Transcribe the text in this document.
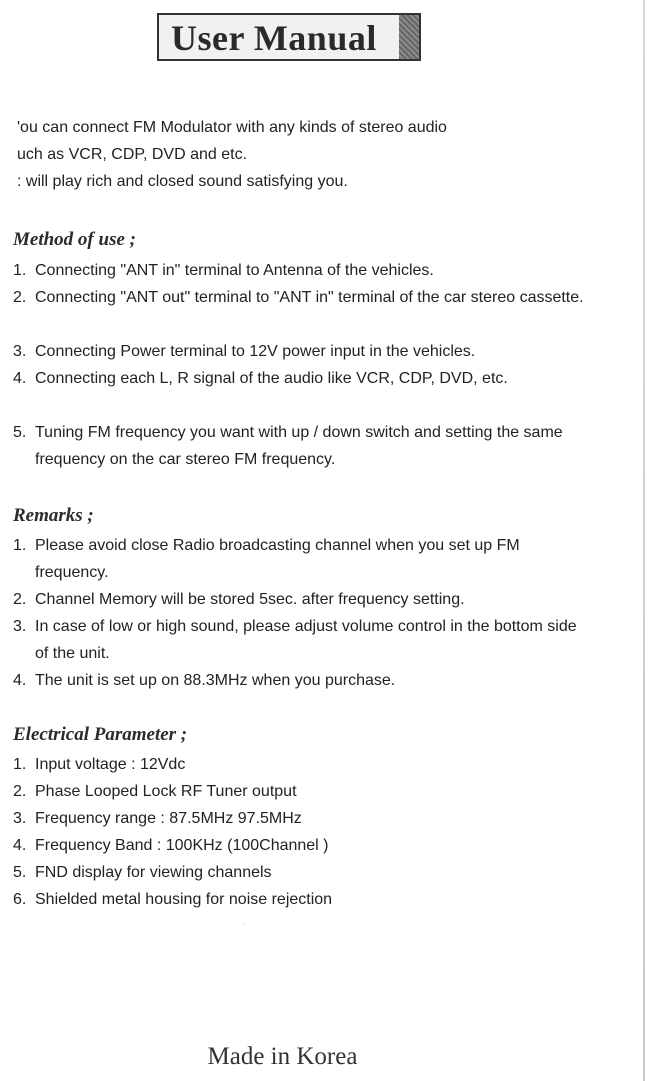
User Manual
'ou can connect FM Modulator with any kinds of stereo audio
uch as VCR, CDP, DVD and etc.
: will play rich and closed sound satisfying you.
Method of use ;
1. Connecting "ANT in" terminal to Antenna of the vehicles.
2. Connecting "ANT out" terminal to "ANT in" terminal of the car stereo cassette.
3. Connecting Power terminal to 12V power input in the vehicles.
4. Connecting each L, R signal of the audio like VCR, CDP, DVD, etc.
5. Tuning FM frequency you want with up / down switch and setting the same frequency on the car stereo FM frequency.
Remarks ;
1. Please avoid close Radio broadcasting channel when you set up FM frequency.
2. Channel Memory will be stored 5sec. after frequency setting.
3. In case of low or high sound, please adjust volume control in the bottom side of the unit.
4. The unit is set up on 88.3MHz when you purchase.
Electrical Parameter ;
1. Input voltage : 12Vdc
2. Phase Looped Lock RF Tuner output
3. Frequency range : 87.5MHz 97.5MHz
4. Frequency Band : 100KHz (100Channel )
5. FND display for viewing channels
6. Shielded metal housing for noise rejection
·
Made in Korea
